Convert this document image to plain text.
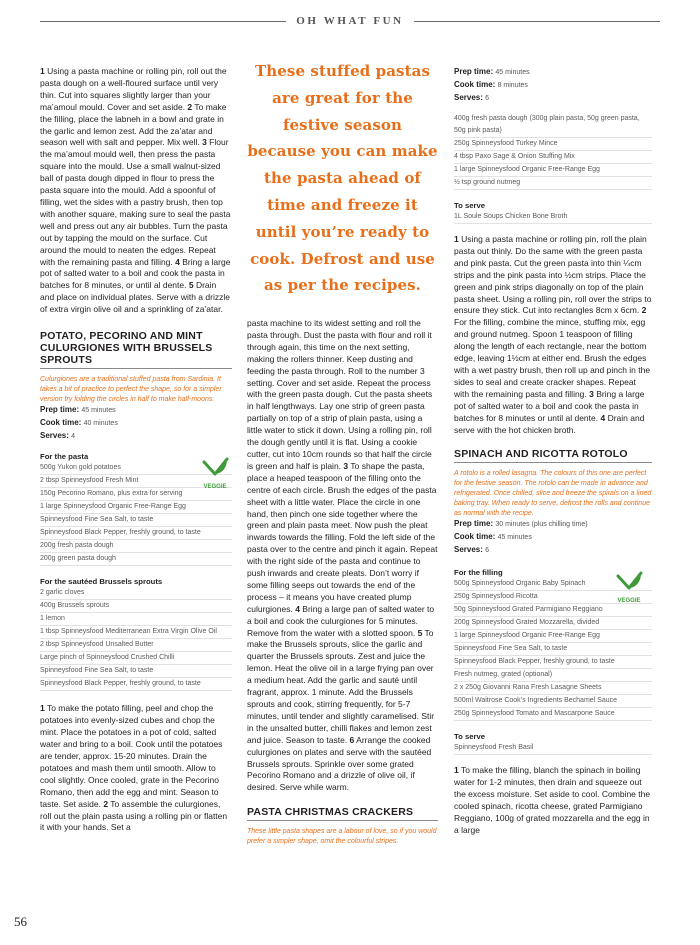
OH WHAT FUN

1 Using a pasta machine or rolling pin, roll out the pasta dough on a well-floured surface until very thin. Cut into squares slightly larger than your ma’amoul mould. Cover and set aside. 2 To make the filling, place the labneh in a bowl and grate in the garlic and lemon zest. Add the za’atar and season well with salt and pepper. Mix well. 3 Flour the ma’amoul mould well, then press the pasta square into the mould. Use a small walnut-sized ball of pasta dough dipped in flour to press the pasta square into the mould. Add a spoonful of filling, wet the sides with a pastry brush, then top with another square, making sure to seal the pasta well and press out any air bubbles. Turn the pasta out by tapping the mould on the surface. Cut around the mould to neaten the edges. Repeat with the remaining pasta and filling. 4 Bring a large pot of salted water to a boil and cook the pasta in batches for 8 minutes, or until al dente. 5 Drain and place on individual plates. Serve with a drizzle of extra virgin olive oil and a sprinkling of za’atar.

POTATO, PECORINO AND MINT CULURGIONES WITH BRUSSELS SPROUTS

Culurgiones are a traditional stuffed pasta from Sardinia. It takes a bit of practice to perfect the shape, so for a simpler version try folding the circles in half to make half-moons.

Prep time: 45 minutes

Cook time: 40 minutes

Serves: 4

For the pasta

500g Yukon gold potatoes
2 tbsp Spinneysfood Fresh Mint
150g Pecorino Romano, plus extra for serving
1 large Spinneysfood Organic Free-Range Egg
Spinneysfood Fine Sea Salt, to taste
Spinneysfood Black Pepper, freshly ground, to taste
200g fresh pasta dough
200g green pasta dough

For the sautéed Brussels sprouts

2 garlic cloves
400g Brussels sprouts
1 lemon
1 tbsp Spinneysfood Mediterranean Extra Virgin Olive Oil
2 tbsp Spinneysfood Unsalted Butter
Large pinch of Spinneysfood Crushed Chilli
Spinneysfood Fine Sea Salt, to taste
Spinneysfood Black Pepper, freshly ground, to taste

1 To make the potato filling, peel and chop the potatoes into evenly-sized cubes and chop the mint. Place the potatoes in a pot of cold, salted water and bring to a boil. Cook until the potatoes are tender, approx. 15-20 minutes. Drain the potatoes and mash them until smooth. Allow to cool slightly. Once cooled, grate in the Pecorino Romano, then add the egg and mint. Season to taste. Set aside. 2 To assemble the culurgiones, roll out the plain pasta using a rolling pin or flatten it with your hands. Set a

VEGGIE
VEGGIE

These stuffed pastas are great for the festive season because you can make the pasta ahead of time and freeze it until you’re ready to cook. Defrost and use as per the recipes.

pasta machine to its widest setting and roll the pasta through. Dust the pasta with flour and roll it through again, this time on the next setting, making the rollers thinner. Keep dusting and feeding the pasta through. Roll to the number 3 setting. Cover and set aside. Repeat the process with the green pasta dough. Cut the pasta sheets in half lengthways. Lay one strip of green pasta partially on top of a strip of plain pasta, using a little water to stick it down. Using a rolling pin, roll the dough gently until it is flat. Using a cookie cutter, cut into 10cm rounds so that half the circle is green and half is plain. 3 To shape the pasta, place a heaped teaspoon of the filling onto the centre of each circle. Brush the edges of the pasta sheet with a little water. Place the circle in one hand, then pinch one side together where the green and plain pasta meet. Now push the pleat inwards towards the filling. Fold the left side of the pasta over to the centre and pinch it again. Repeat with the right side of the pasta and continue to push inwards and create pleats. Don’t worry if some filling seeps out towards the end of the process – it means you have created plump culurgiones. 4 Bring a large pan of salted water to a boil and cook the culurgiones for 5 minutes. Remove from the water with a slotted spoon. 5 To make the Brussels sprouts, slice the garlic and quarter the Brussels sprouts. Zest and juice the lemon. Heat the olive oil in a large frying pan over a medium heat. Add the garlic and sauté until fragrant, approx. 1 minute. Add the Brussels sprouts and cook, stirring frequently, for 5-7 minutes, until tender and slightly caramelised. Stir in the unsalted butter, chilli flakes and lemon zest and juice. Season to taste. 6 Arrange the cooked culurgiones on plates and serve with the sautéed Brussels sprouts. Sprinkle over some grated Pecorino Romano and a drizzle of olive oil, if desired. Serve while warm.

PASTA CHRISTMAS CRACKERS

These little pasta shapes are a labour of love, so if you would prefer a simpler shape, omit the colourful stripes.

Prep time: 45 minutes

Cook time: 8 minutes

Serves: 6

400g fresh pasta dough (300g plain pasta, 50g green pasta, 50g pink pasta)
250g Spinneysfood Turkey Mince
4 tbsp Paxo Sage & Onion Stuffing Mix
1 large Spinneysfood Organic Free-Range Egg
½ tsp ground nutmeg

To serve

1L Soule Soups Chicken Bone Broth

1 Using a pasta machine or rolling pin, roll the plain pasta out thinly. Do the same with the green pasta and pink pasta. Cut the green pasta into thin ¼cm strips and the pink pasta into ½cm strips. Place the green and pink strips diagonally on top of the plain pasta sheet. Using a rolling pin, roll over the strips to ensure they stick. Cut into rectangles 8cm x 6cm. 2 For the filling, combine the mince, stuffing mix, egg and ground nutmeg. Spoon 1 teaspoon of filling along the length of each rectangle, near the bottom edge, leaving 1½cm at either end. Brush the edges with a wet pastry brush, then roll up and pinch in the sides to seal and create cracker shapes. Repeat with the remaining pasta and filling. 3 Bring a large pot of salted water to a boil and cook the pasta in batches for 8 minutes or until al dente. 4 Drain and serve with the hot chicken broth.

SPINACH AND RICOTTA ROTOLO

A rotolo is a rolled lasagna. The colours of this one are perfect for the festive season. The rotolo can be made in advance and refrigerated. Once chilled, slice and freeze the spirals on a lined baking tray. When ready to serve, defrost the rolls and continue as normal with the recipe.

Prep time: 30 minutes (plus chilling time)

Cook time: 45 minutes

Serves: 6

For the filling

500g Spinneysfood Organic Baby Spinach
250g Spinneysfood Ricotta
50g Spinneysfood Grated Parmigiano Reggiano
200g Spinneysfood Grated Mozzarella, divided
1 large Spinneysfood Organic Free-Range Egg
Spinneysfood Fine Sea Salt, to taste
Spinneysfood Black Pepper, freshly ground, to taste
Fresh nutmeg, grated (optional)
2 x 250g Giovanni Rana Fresh Lasagne Sheets
500ml Waitrose Cook’s Ingredients Bechamel Sauce
250g Spinneysfood Tomato and Mascarpone Sauce

To serve

Spinneysfood Fresh Basil

1 To make the filling, blanch the spinach in boiling water for 1-2 minutes, then drain and squeeze out the excess moisture. Set aside to cool. Combine the cooled spinach, ricotta cheese, grated Parmigiano Reggiano, 100g of grated mozzarella and the egg in a large

56
